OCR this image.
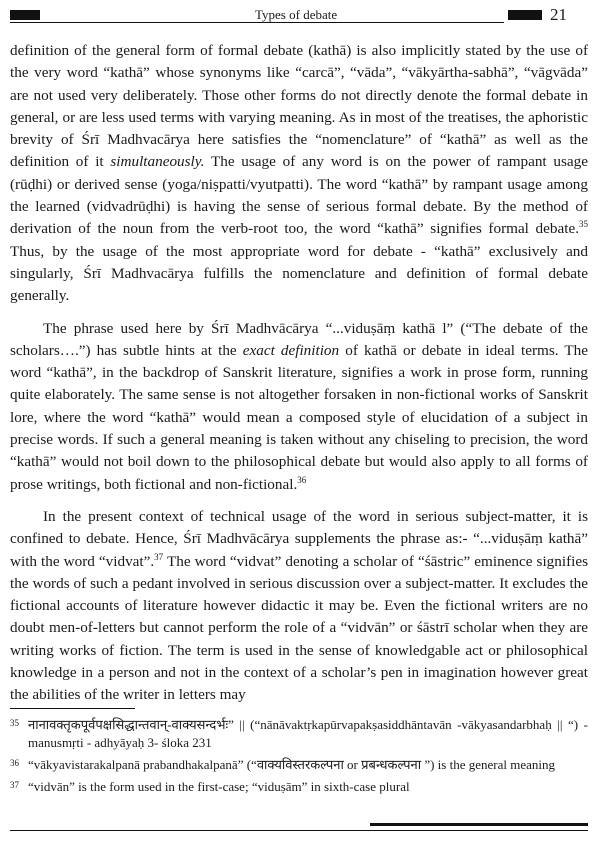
Types of debate	21

definition of the general form of formal debate (kathā) is also implicitly stated by the use of the very word “kathā” whose synonyms like “carcā”, “vāda”, “vākyārtha-sabhā”, “vāgvāda” are not used very deliberately. Those other forms do not directly denote the formal debate in general, or are less used terms with varying meaning. As in most of the treatises, the aphoristic brevity of Śrī Madhvacārya here satisfies the “nomenclature” of “kathā” as well as the definition of it simultaneously. The usage of any word is on the power of rampant usage (rūḍhi) or derived sense (yoga/niṣpatti/vyutpatti). The word “kathā” by rampant usage among the learned (vidvadrūḍhi) is having the sense of serious formal debate. By the method of derivation of the noun from the verb-root too, the word “kathā” signifies formal debate.$^{35}$ Thus, by the usage of the most appropriate word for debate - “kathā” exclusively and singularly, Śrī Madhvacārya fulfills the nomenclature and definition of formal debate generally.

The phrase used here by Śrī Madhvācārya “...viduṣāṃ kathā l” (“The debate of the scholars….”) has subtle hints at the exact definition of kathā or debate in ideal terms. The word “kathā”, in the backdrop of Sanskrit literature, signifies a work in prose form, running quite elaborately. The same sense is not altogether forsaken in non-fictional works of Sanskrit lore, where the word “kathā” would mean a composed style of elucidation of a subject in precise words. If such a general meaning is taken without any chiseling to precision, the word “kathā” would not boil down to the philosophical debate but would also apply to all forms of prose writings, both fictional and non-fictional.$^{36}$

In the present context of technical usage of the word in serious subject-matter, it is confined to debate. Hence, Śrī Madhvācārya supplements the phrase as:- “...viduṣāṃ kathā” with the word “vidvat”.$^{37}$ The word “vidvat” denoting a scholar of “śāstric” eminence signifies the words of such a pedant involved in serious discussion over a subject-matter. It excludes the fictional accounts of literature however didactic it may be. Even the fictional writers are no doubt men-of-letters but cannot perform the role of a “vidvān” or śāstrī scholar when they are writing works of fiction. The term is used in the sense of knowledgable act or philosophical knowledge in a person and not in the context of a scholar’s pen in imagination however great the abilities of the writer in letters may

35 नानावक्तृकपूर्वपक्षसिद्धान्तवान्-वाक्यसन्दर्भः” || (“nānāvaktṛkapūrvapakṣasiddhāntavān -vākyasandarbhaḥ || “) - manusmṛti - adhyāyaḥ 3- śloka 231
36 “vākyavistarakalpanā prabandhakalpanā” (“वाक्यविस्तरकल्पना or प्रबन्धकल्पना ”) is the general meaning
37 “vidvān” is the form used in the first-case; “viduṣām” in sixth-case plural
